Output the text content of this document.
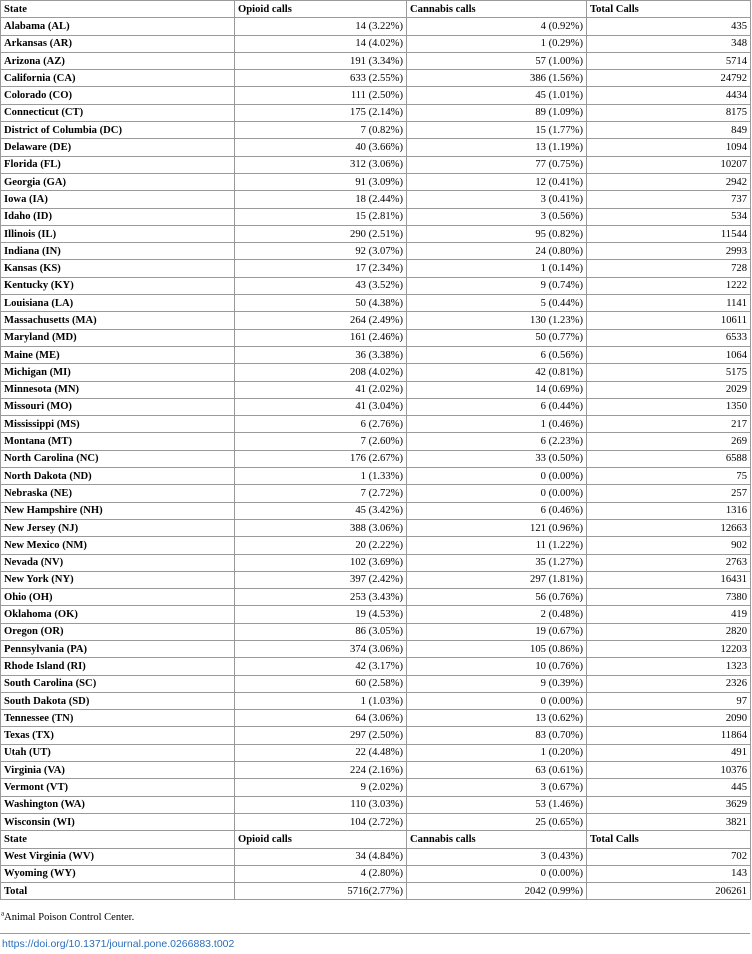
State	Opioid calls	Cannabis calls	Total Calls
Alabama (AL)	14 (3.22%)	4 (0.92%)	435
Arkansas (AR)	14 (4.02%)	1 (0.29%)	348
Arizona (AZ)	191 (3.34%)	57 (1.00%)	5714
California (CA)	633 (2.55%)	386 (1.56%)	24792
Colorado (CO)	111 (2.50%)	45 (1.01%)	4434
Connecticut (CT)	175 (2.14%)	89 (1.09%)	8175
District of Columbia (DC)	7 (0.82%)	15 (1.77%)	849
Delaware (DE)	40 (3.66%)	13 (1.19%)	1094
Florida (FL)	312 (3.06%)	77 (0.75%)	10207
Georgia (GA)	91 (3.09%)	12 (0.41%)	2942
Iowa (IA)	18 (2.44%)	3 (0.41%)	737
Idaho (ID)	15 (2.81%)	3 (0.56%)	534
Illinois (IL)	290 (2.51%)	95 (0.82%)	11544
Indiana (IN)	92 (3.07%)	24 (0.80%)	2993
Kansas (KS)	17 (2.34%)	1 (0.14%)	728
Kentucky (KY)	43 (3.52%)	9 (0.74%)	1222
Louisiana (LA)	50 (4.38%)	5 (0.44%)	1141
Massachusetts (MA)	264 (2.49%)	130 (1.23%)	10611
Maryland (MD)	161 (2.46%)	50 (0.77%)	6533
Maine (ME)	36 (3.38%)	6 (0.56%)	1064
Michigan (MI)	208 (4.02%)	42 (0.81%)	5175
Minnesota (MN)	41 (2.02%)	14 (0.69%)	2029
Missouri (MO)	41 (3.04%)	6 (0.44%)	1350
Mississippi (MS)	6 (2.76%)	1 (0.46%)	217
Montana (MT)	7 (2.60%)	6 (2.23%)	269
North Carolina (NC)	176 (2.67%)	33 (0.50%)	6588
North Dakota (ND)	1 (1.33%)	0 (0.00%)	75
Nebraska (NE)	7 (2.72%)	0 (0.00%)	257
New Hampshire (NH)	45 (3.42%)	6 (0.46%)	1316
New Jersey (NJ)	388 (3.06%)	121 (0.96%)	12663
New Mexico (NM)	20 (2.22%)	11 (1.22%)	902
Nevada (NV)	102 (3.69%)	35 (1.27%)	2763
New York (NY)	397 (2.42%)	297 (1.81%)	16431
Ohio (OH)	253 (3.43%)	56 (0.76%)	7380
Oklahoma (OK)	19 (4.53%)	2 (0.48%)	419
Oregon (OR)	86 (3.05%)	19 (0.67%)	2820
Pennsylvania (PA)	374 (3.06%)	105 (0.86%)	12203
Rhode Island (RI)	42 (3.17%)	10 (0.76%)	1323
South Carolina (SC)	60 (2.58%)	9 (0.39%)	2326
South Dakota (SD)	1 (1.03%)	0 (0.00%)	97
Tennessee (TN)	64 (3.06%)	13 (0.62%)	2090
Texas (TX)	297 (2.50%)	83 (0.70%)	11864
Utah (UT)	22 (4.48%)	1 (0.20%)	491
Virginia (VA)	224 (2.16%)	63 (0.61%)	10376
Vermont (VT)	9 (2.02%)	3 (0.67%)	445
Washington (WA)	110 (3.03%)	53 (1.46%)	3629
Wisconsin (WI)	104 (2.72%)	25 (0.65%)	3821
State	Opioid calls	Cannabis calls	Total Calls
West Virginia (WV)	34 (4.84%)	3 (0.43%)	702
Wyoming (WY)	4 (2.80%)	0 (0.00%)	143
Total	5716(2.77%)	2042 (0.99%)	206261
$^a$Animal Poison Control Center.
https://doi.org/10.1371/journal.pone.0266883.t002
